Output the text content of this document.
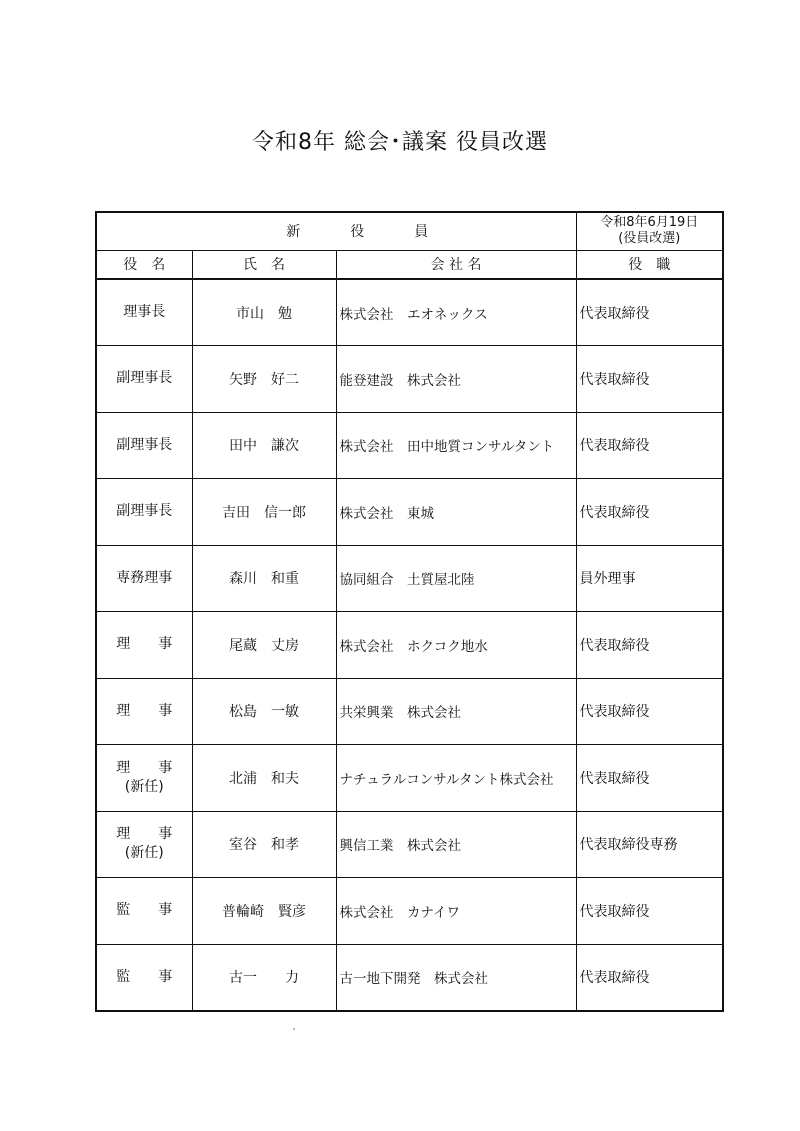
令和8年 総会･議案 役員改選
新　役　員			令和8年6月19日
(役員改選)

役　名	氏　名	会 社 名	役　職
理事長	市山　勉	株式会社　エオネックス	代表取締役
副理事長	矢野　好二	能登建設　株式会社	代表取締役
副理事長	田中　謙次	株式会社　田中地質コンサルタント	代表取締役
副理事長	吉田　信一郎	株式会社　東城	代表取締役
専務理事	森川　和重	協同組合　土質屋北陸	員外理事
理　　事	尾蔵　丈房	株式会社　ホクコク地水	代表取締役
理　　事	松島　一敏	共栄興業　株式会社	代表取締役
理　　事
(新任)	北浦　和夫	ナチュラルコンサルタント株式会社	代表取締役
理　　事
(新任)	室谷　和孝	興信工業　株式会社	代表取締役専務
監　　事	普輪崎　賢彦	株式会社　カナイワ	代表取締役
監　　事	古一　　力	古一地下開発　株式会社	代表取締役
